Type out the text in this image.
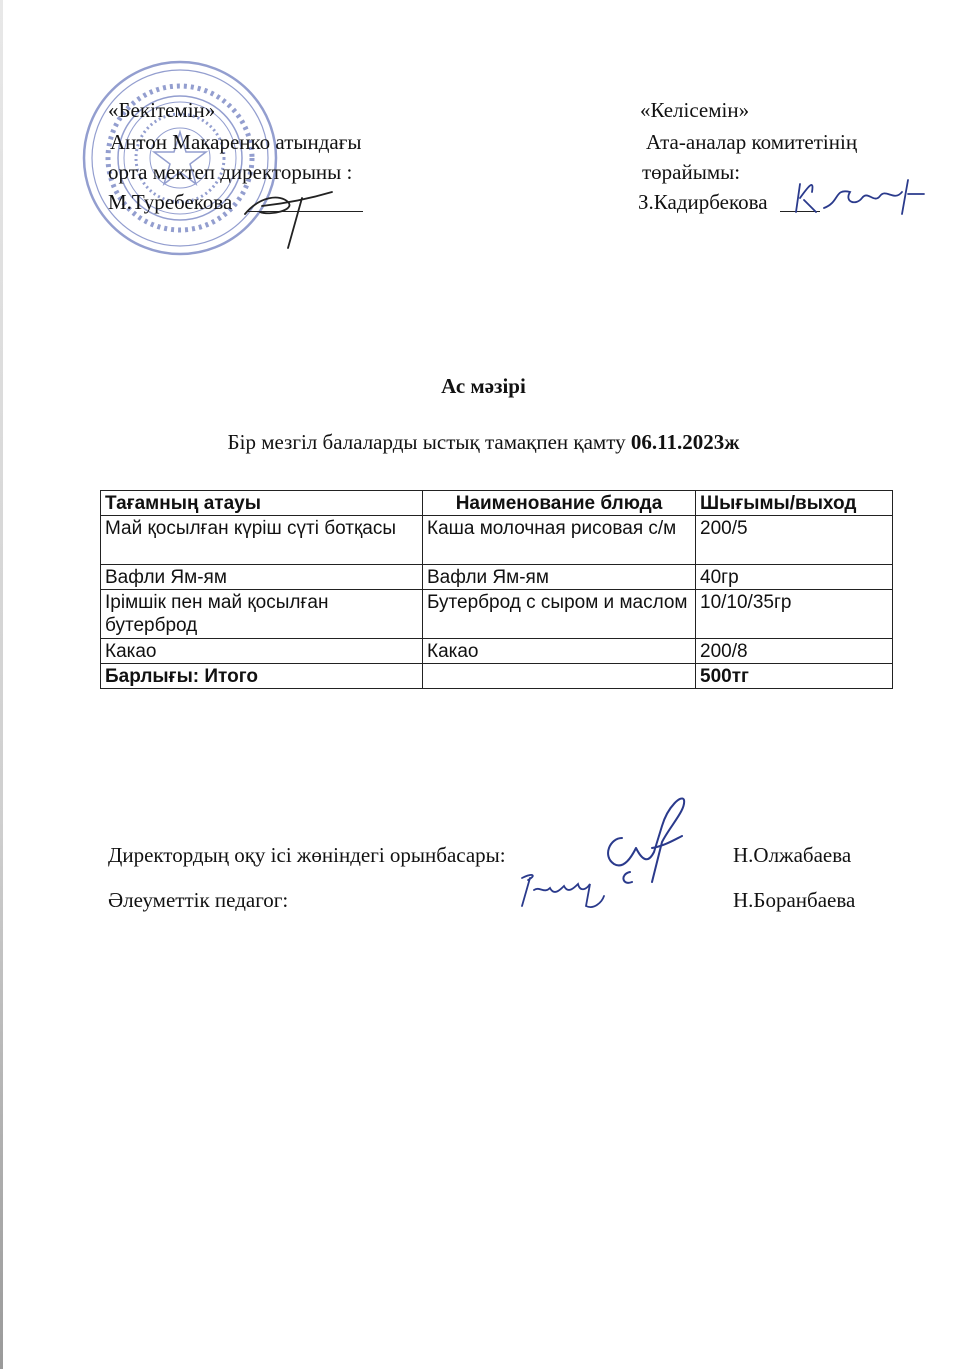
«Бекітемін»
Антон Макаренко атындағы
орта мектеп директорыны :
М.Туребекова
«Келісемін»
Ата-аналар комитетінің
төрайымы:
З.Кадирбекова
Ас мәзірі
Бір мезгіл балаларды ыстық тамақпен қамту 06.11.2023ж
Тағамның атауы	Наименование блюда	Шығымы/выход
Май қосылған күріш сүті ботқасы	Каша молочная рисовая с/м	200/5
Вафли Ям-ям	Вафли Ям-ям	40гр
Ірімшік пен май қосылған бутерброд	Бутерброд с сыром и маслом	10/10/35гр
Какао	Какао	200/8
Барлығы: Итого		500тг
Директордың оқу ісі жөніндегі орынбасары:	Н.Олжабаева
Әлеуметтік педагог:	Н.Боранбаева
